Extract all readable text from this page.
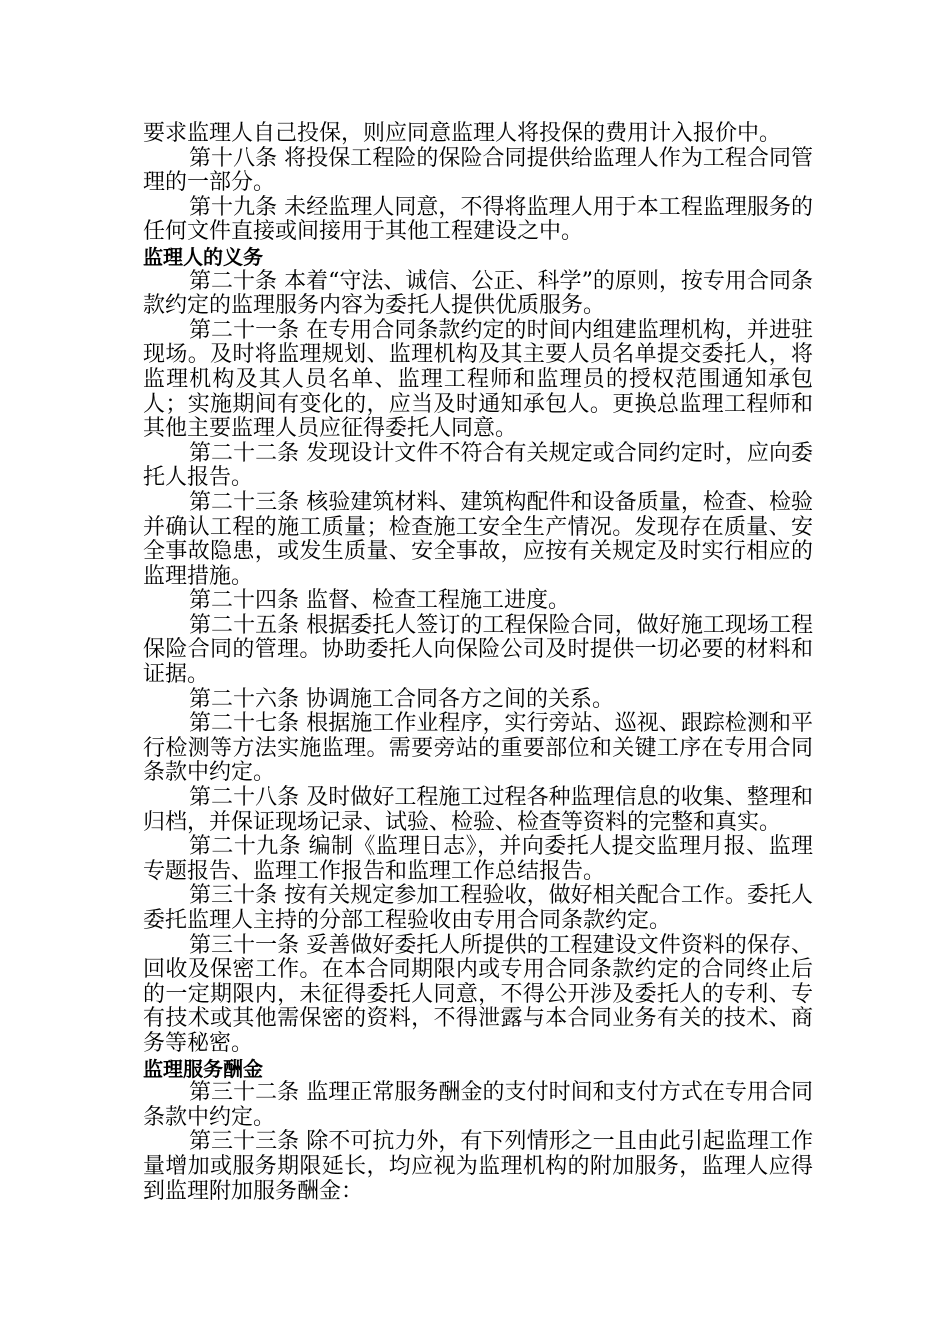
要求监理人自己投保，则应同意监理人将投保的费用计入报价中。

第十八条 将投保工程险的保险合同提供给监理人作为工程合同管理的一部分。

第十九条 未经监理人同意，不得将监理人用于本工程监理服务的任何文件直接或间接用于其他工程建设之中。

监理人的义务

第二十条 本着“守法、诚信、公正、科学”的原则，按专用合同条款约定的监理服务内容为委托人提供优质服务。

第二十一条 在专用合同条款约定的时间内组建监理机构，并进驻现场。及时将监理规划、监理机构及其主要人员名单提交委托人，将监理机构及其人员名单、监理工程师和监理员的授权范围通知承包人；实施期间有变化的，应当及时通知承包人。更换总监理工程师和其他主要监理人员应征得委托人同意。

第二十二条 发现设计文件不符合有关规定或合同约定时，应向委托人报告。

第二十三条 核验建筑材料、建筑构配件和设备质量，检查、检验并确认工程的施工质量；检查施工安全生产情况。发现存在质量、安全事故隐患，或发生质量、安全事故，应按有关规定及时实行相应的监理措施。

第二十四条 监督、检查工程施工进度。

第二十五条 根据委托人签订的工程保险合同，做好施工现场工程保险合同的管理。协助委托人向保险公司及时提供一切必要的材料和证据。

第二十六条 协调施工合同各方之间的关系。

第二十七条 根据施工作业程序，实行旁站、巡视、跟踪检测和平行检测等方法实施监理。需要旁站的重要部位和关键工序在专用合同条款中约定。

第二十八条 及时做好工程施工过程各种监理信息的收集、整理和归档，并保证现场记录、试验、检验、检查等资料的完整和真实。

第二十九条 编制《监理日志》，并向委托人提交监理月报、监理专题报告、监理工作报告和监理工作总结报告。

第三十条 按有关规定参加工程验收，做好相关配合工作。委托人委托监理人主持的分部工程验收由专用合同条款约定。

第三十一条 妥善做好委托人所提供的工程建设文件资料的保存、回收及保密工作。在本合同期限内或专用合同条款约定的合同终止后的一定期限内，未征得委托人同意，不得公开涉及委托人的专利、专有技术或其他需保密的资料，不得泄露与本合同业务有关的技术、商务等秘密。

监理服务酬金

第三十二条 监理正常服务酬金的支付时间和支付方式在专用合同条款中约定。

第三十三条 除不可抗力外，有下列情形之一且由此引起监理工作量增加或服务期限延长，均应视为监理机构的附加服务，监理人应得到监理附加服务酬金：
